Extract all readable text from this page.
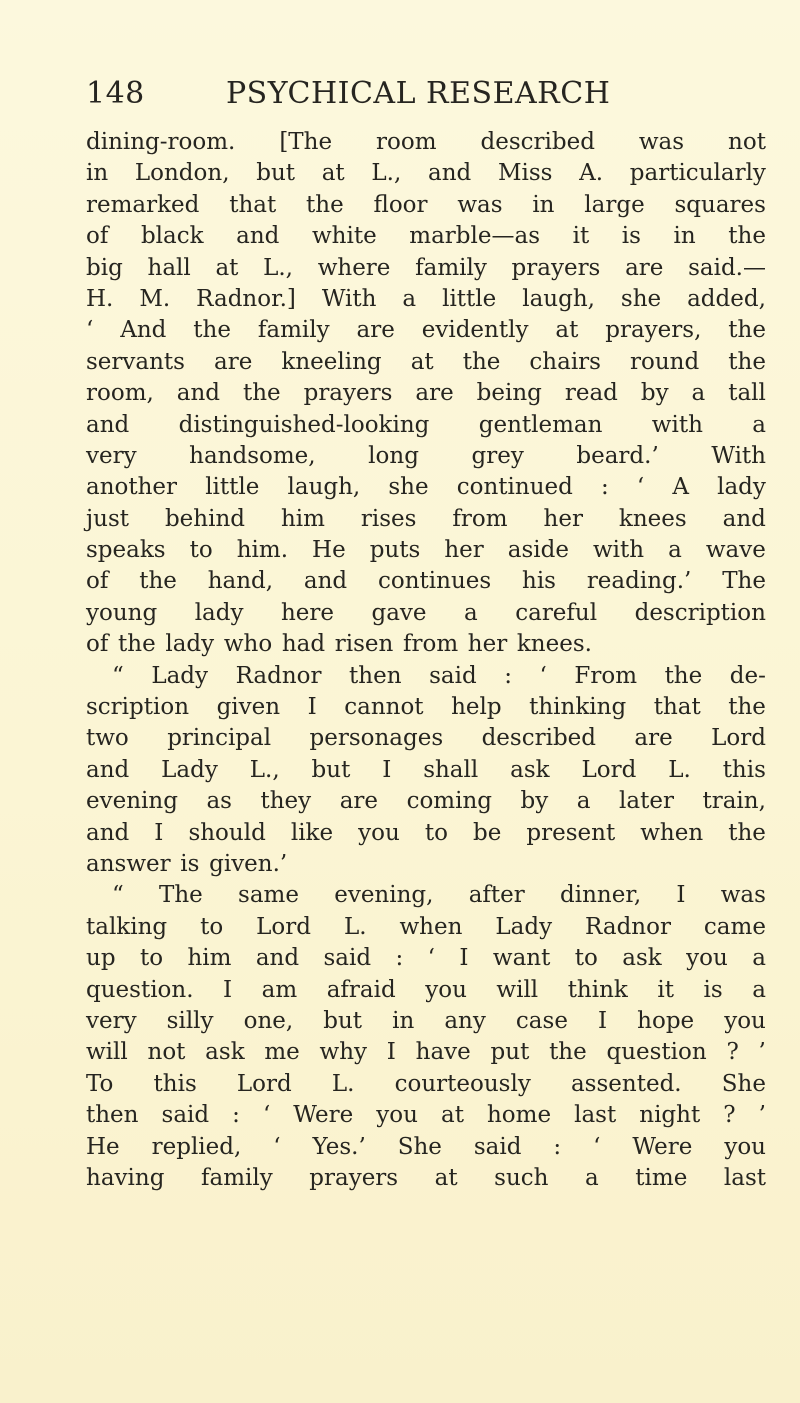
148	PSYCHICAL RESEARCH
dining-room. [The room described was not
in London, but at L., and Miss A. particularly
remarked that the floor was in large squares
of black and white marble—as it is in the
big hall at L., where family prayers are said.—
H. M. Radnor.] With a little laugh, she added,
‘ And the family are evidently at prayers, the
servants are kneeling at the chairs round the
room, and the prayers are being read by a tall
and distinguished-looking gentleman with a
very handsome, long grey beard.’ With
another little laugh, she continued : ‘ A lady
just behind him rises from her knees and
speaks to him. He puts her aside with a wave
of the hand, and continues his reading.’ The
young lady here gave a careful description
of the lady who had risen from her knees.
“ Lady Radnor then said : ‘ From the de-
scription given I cannot help thinking that the
two principal personages described are Lord
and Lady L., but I shall ask Lord L. this
evening as they are coming by a later train,
and I should like you to be present when the
answer is given.’
“ The same evening, after dinner, I was
talking to Lord L. when Lady Radnor came
up to him and said : ‘ I want to ask you a
question. I am afraid you will think it is a
very silly one, but in any case I hope you
will not ask me why I have put the question ? ’
To this Lord L. courteously assented. She
then said : ‘ Were you at home last night ? ’
He replied, ‘ Yes.’ She said : ‘ Were you
having family prayers at such a time last
